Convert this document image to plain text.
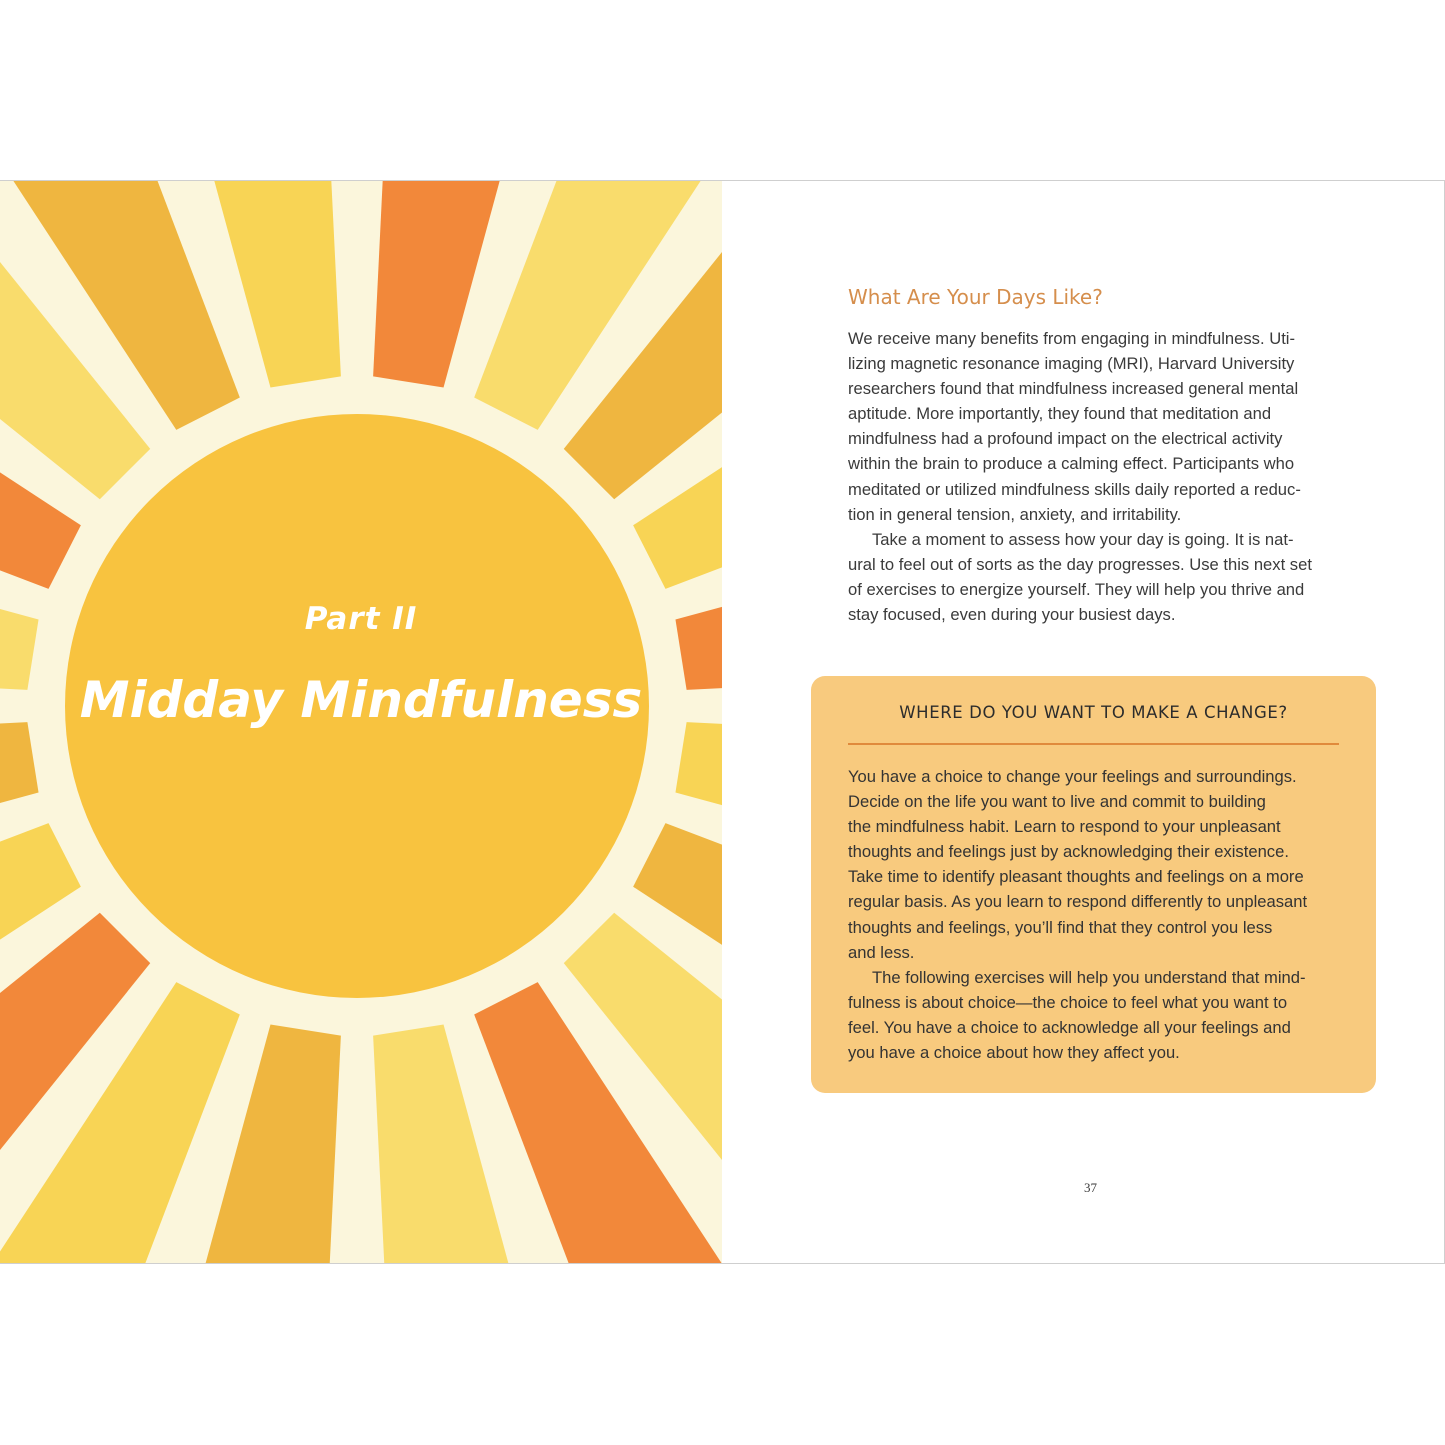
Part II
Midday Mindfulness
What Are Your Days Like?

We receive many benefits from engaging in mindfulness. Uti-
lizing magnetic resonance imaging (MRI), Harvard University
researchers found that mindfulness increased general mental
aptitude. More importantly, they found that meditation and
mindfulness had a profound impact on the electrical activity
within the brain to produce a calming effect. Participants who
meditated or utilized mindfulness skills daily reported a reduc-
tion in general tension, anxiety, and irritability.

Take a moment to assess how your day is going. It is nat-
ural to feel out of sorts as the day progresses. Use this next set
of exercises to energize yourself. They will help you thrive and
stay focused, even during your busiest days.

WHERE DO YOU WANT TO MAKE A CHANGE?

You have a choice to change your feelings and surroundings.
Decide on the life you want to live and commit to building
the mindfulness habit. Learn to respond to your unpleasant
thoughts and feelings just by acknowledging their existence.
Take time to identify pleasant thoughts and feelings on a more
regular basis. As you learn to respond differently to unpleasant
thoughts and feelings, you’ll find that they control you less
and less.

The following exercises will help you understand that mind-
fulness is about choice—the choice to feel what you want to
feel. You have a choice to acknowledge all your feelings and
you have a choice about how they affect you.

37
